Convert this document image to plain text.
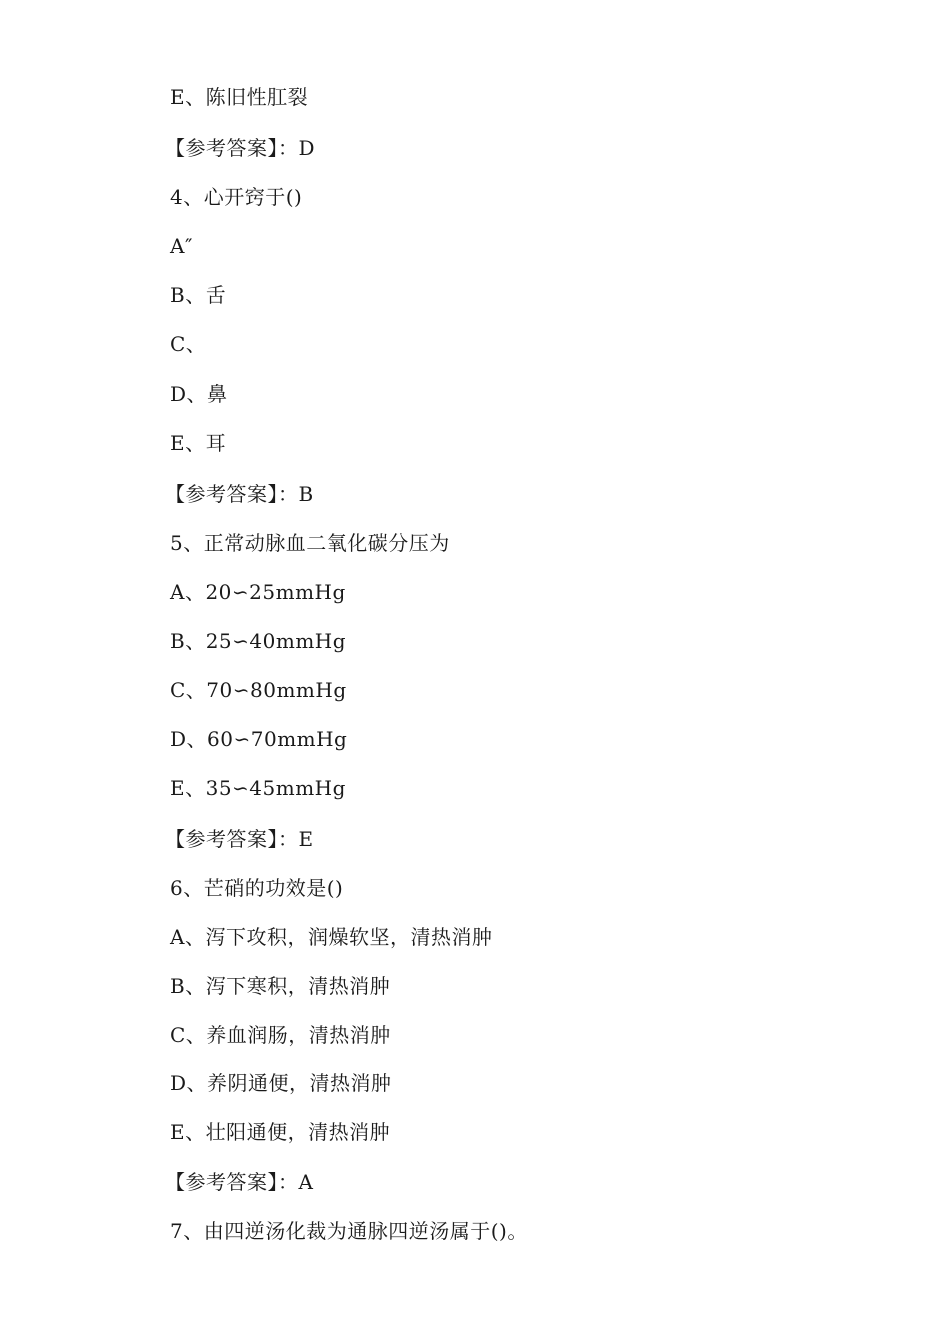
E、陈旧性肛裂
【参考答案】：D
4、心开窍于()
A″
B、舌
C、
D、鼻
E、耳
【参考答案】：B
5、正常动脉血二氧化碳分压为
A、20∽25mmHg
B、25∽40mmHg
C、70∽80mmHg
D、60∽70mmHg
E、35∽45mmHg
【参考答案】：E
6、芒硝的功效是()
A、泻下攻积，润燥软坚，清热消肿
B、泻下寒积，清热消肿
C、养血润肠，清热消肿
D、养阴通便，清热消肿
E、壮阳通便，清热消肿
【参考答案】：A
7、由四逆汤化裁为通脉四逆汤属于()。
